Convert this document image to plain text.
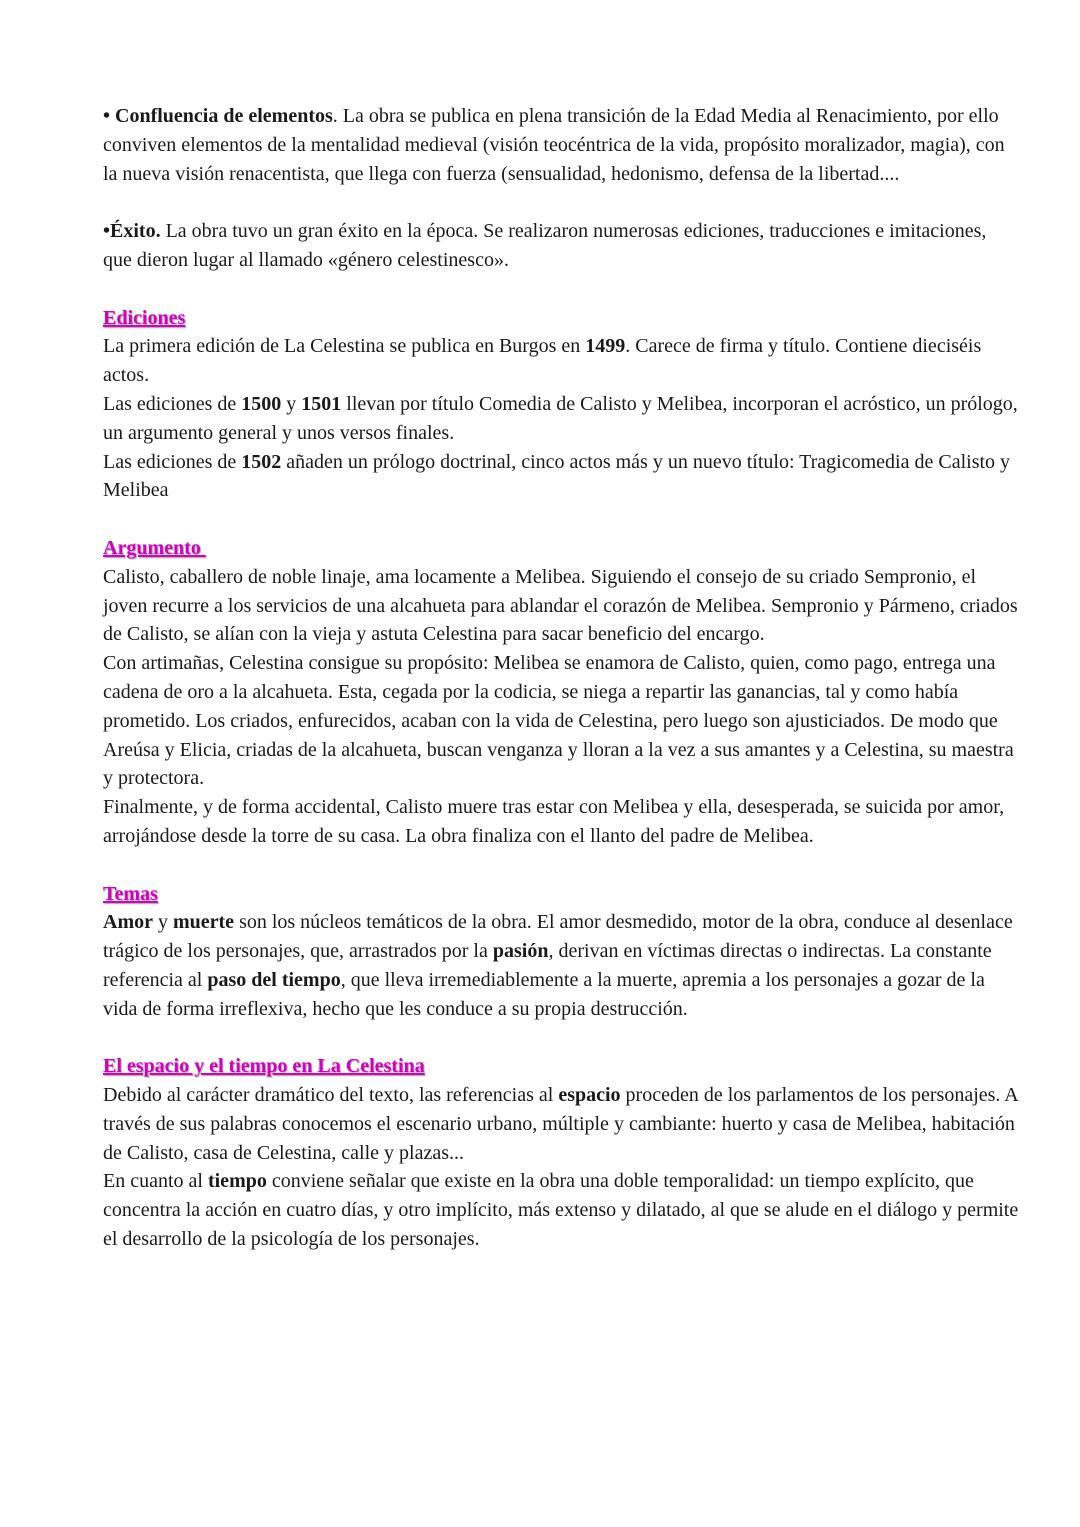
• Confluencia de elementos. La obra se publica en plena transición de la Edad Media al Renacimiento, por ello conviven elementos de la mentalidad medieval (visión teocéntrica de la vida, propósito moralizador, magia), con la nueva visión renacentista, que llega con fuerza (sensualidad, hedonismo, defensa de la libertad....

•Éxito. La obra tuvo un gran éxito en la época. Se realizaron numerosas ediciones, traducciones e imitaciones, que dieron lugar al llamado «género celestinesco».

Ediciones

La primera edición de La Celestina se publica en Burgos en 1499. Carece de firma y título. Contiene dieciséis actos.

Las ediciones de 1500 y 1501 llevan por título Comedia de Calisto y Melibea, incorporan el acróstico, un prólogo, un argumento general y unos versos finales.

Las ediciones de 1502 añaden un prólogo doctrinal, cinco actos más y un nuevo título: Tragicomedia de Calisto y Melibea

Argumento

Calisto, caballero de noble linaje, ama locamente a Melibea. Siguiendo el consejo de su criado Sempronio, el joven recurre a los servicios de una alcahueta para ablandar el corazón de Melibea. Sempronio y Pármeno, criados de Calisto, se alían con la vieja y astuta Celestina para sacar beneficio del encargo.

Con artimañas, Celestina consigue su propósito: Melibea se enamora de Calisto, quien, como pago, entrega una cadena de oro a la alcahueta. Esta, cegada por la codicia, se niega a repartir las ganancias, tal y como había prometido. Los criados, enfurecidos, acaban con la vida de Celestina, pero luego son ajusticiados. De modo que Areúsa y Elicia, criadas de la alcahueta, buscan venganza y lloran a la vez a sus amantes y a Celestina, su maestra y protectora.

Finalmente, y de forma accidental, Calisto muere tras estar con Melibea y ella, desesperada, se suicida por amor, arrojándose desde la torre de su casa. La obra finaliza con el llanto del padre de Melibea.

Temas

Amor y muerte son los núcleos temáticos de la obra. El amor desmedido, motor de la obra, conduce al desenlace trágico de los personajes, que, arrastrados por la pasión, derivan en víctimas directas o indirectas. La constante referencia al paso del tiempo, que lleva irremediablemente a la muerte, apremia a los personajes a gozar de la vida de forma irreflexiva, hecho que les conduce a su propia destrucción.

El espacio y el tiempo en La Celestina

Debido al carácter dramático del texto, las referencias al espacio proceden de los parlamentos de los personajes. A través de sus palabras conocemos el escenario urbano, múltiple y cambiante: huerto y casa de Melibea, habitación de Calisto, casa de Celestina, calle y plazas...

En cuanto al tiempo conviene señalar que existe en la obra una doble temporalidad: un tiempo explícito, que concentra la acción en cuatro días, y otro implícito, más extenso y dilatado, al que se alude en el diálogo y permite el desarrollo de la psicología de los personajes.
